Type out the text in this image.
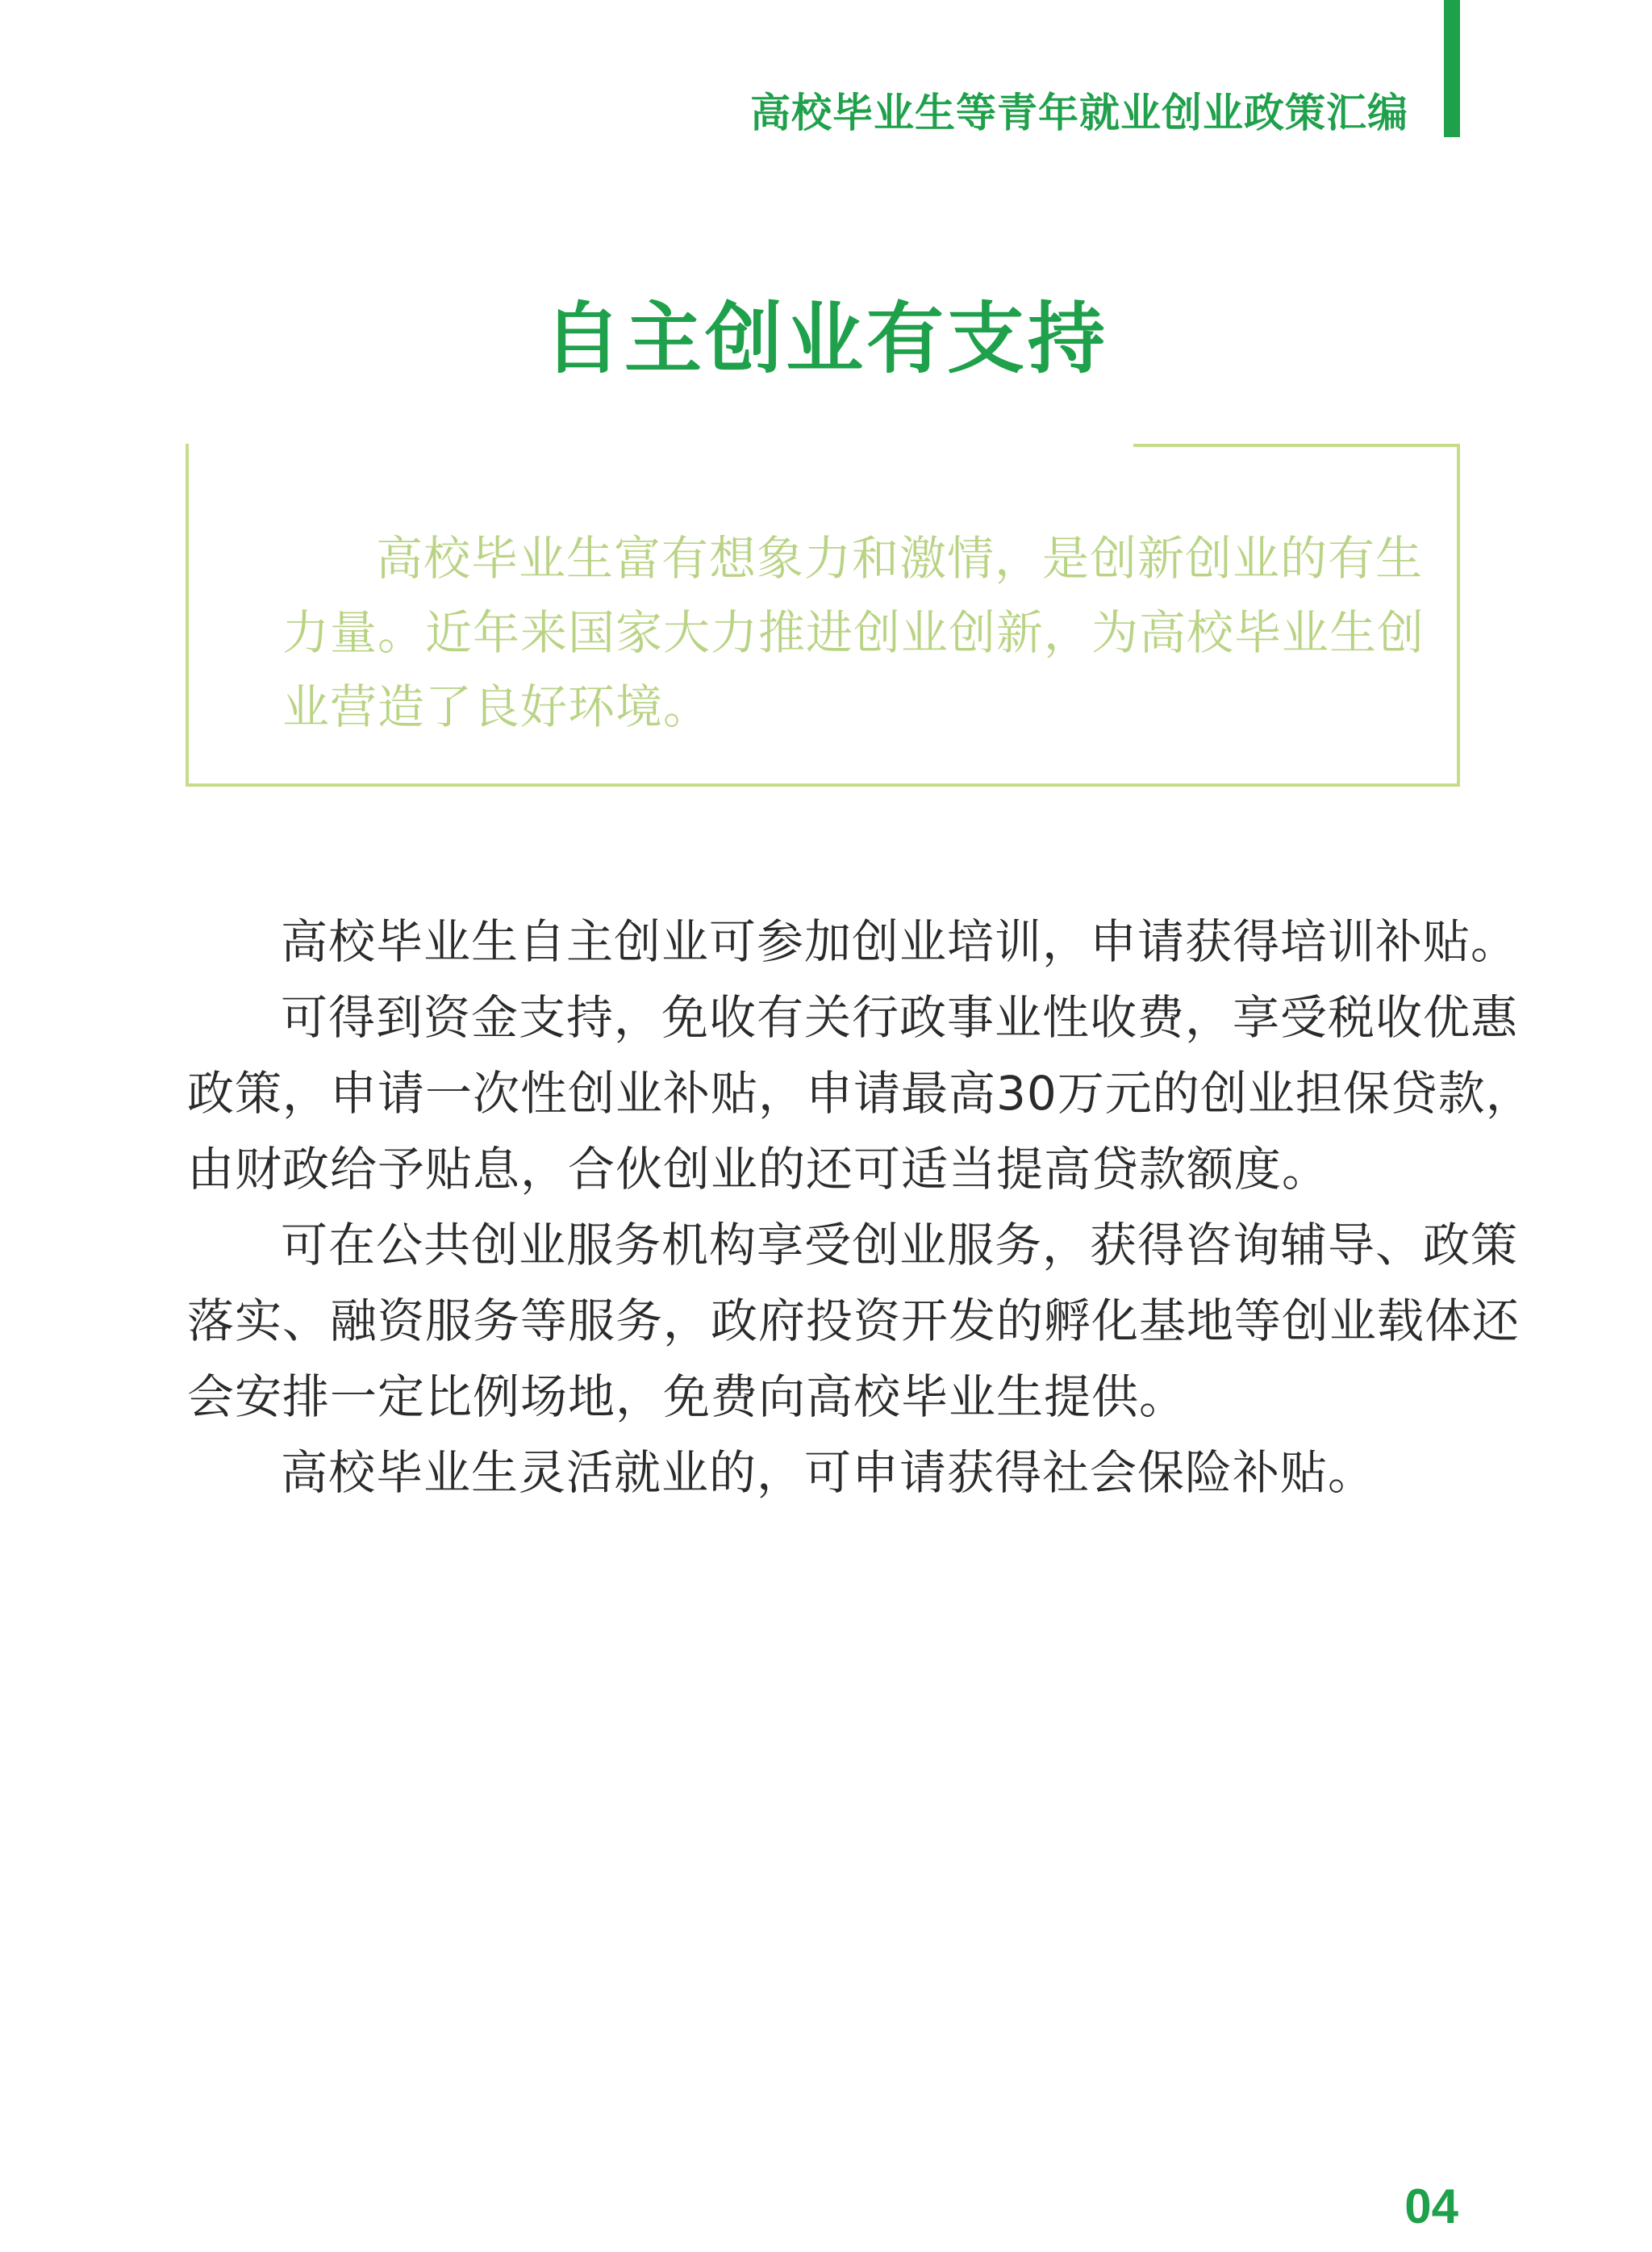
高校毕业生等青年就业创业政策汇编
自主创业有支持
高校毕业生富有想象力和激情，是创新创业的有生
力量。近年来国家大力推进创业创新，为高校毕业生创
业营造了良好环境。
高校毕业生自主创业可参加创业培训，申请获得培训补贴。
可得到资金支持，免收有关行政事业性收费，享受税收优惠
政策，申请一次性创业补贴，申请最高30万元的创业担保贷款，
由财政给予贴息，合伙创业的还可适当提高贷款额度。
可在公共创业服务机构享受创业服务，获得咨询辅导、政策
落实、融资服务等服务，政府投资开发的孵化基地等创业载体还
会安排一定比例场地，免费向高校毕业生提供。
高校毕业生灵活就业的，可申请获得社会保险补贴。
04
